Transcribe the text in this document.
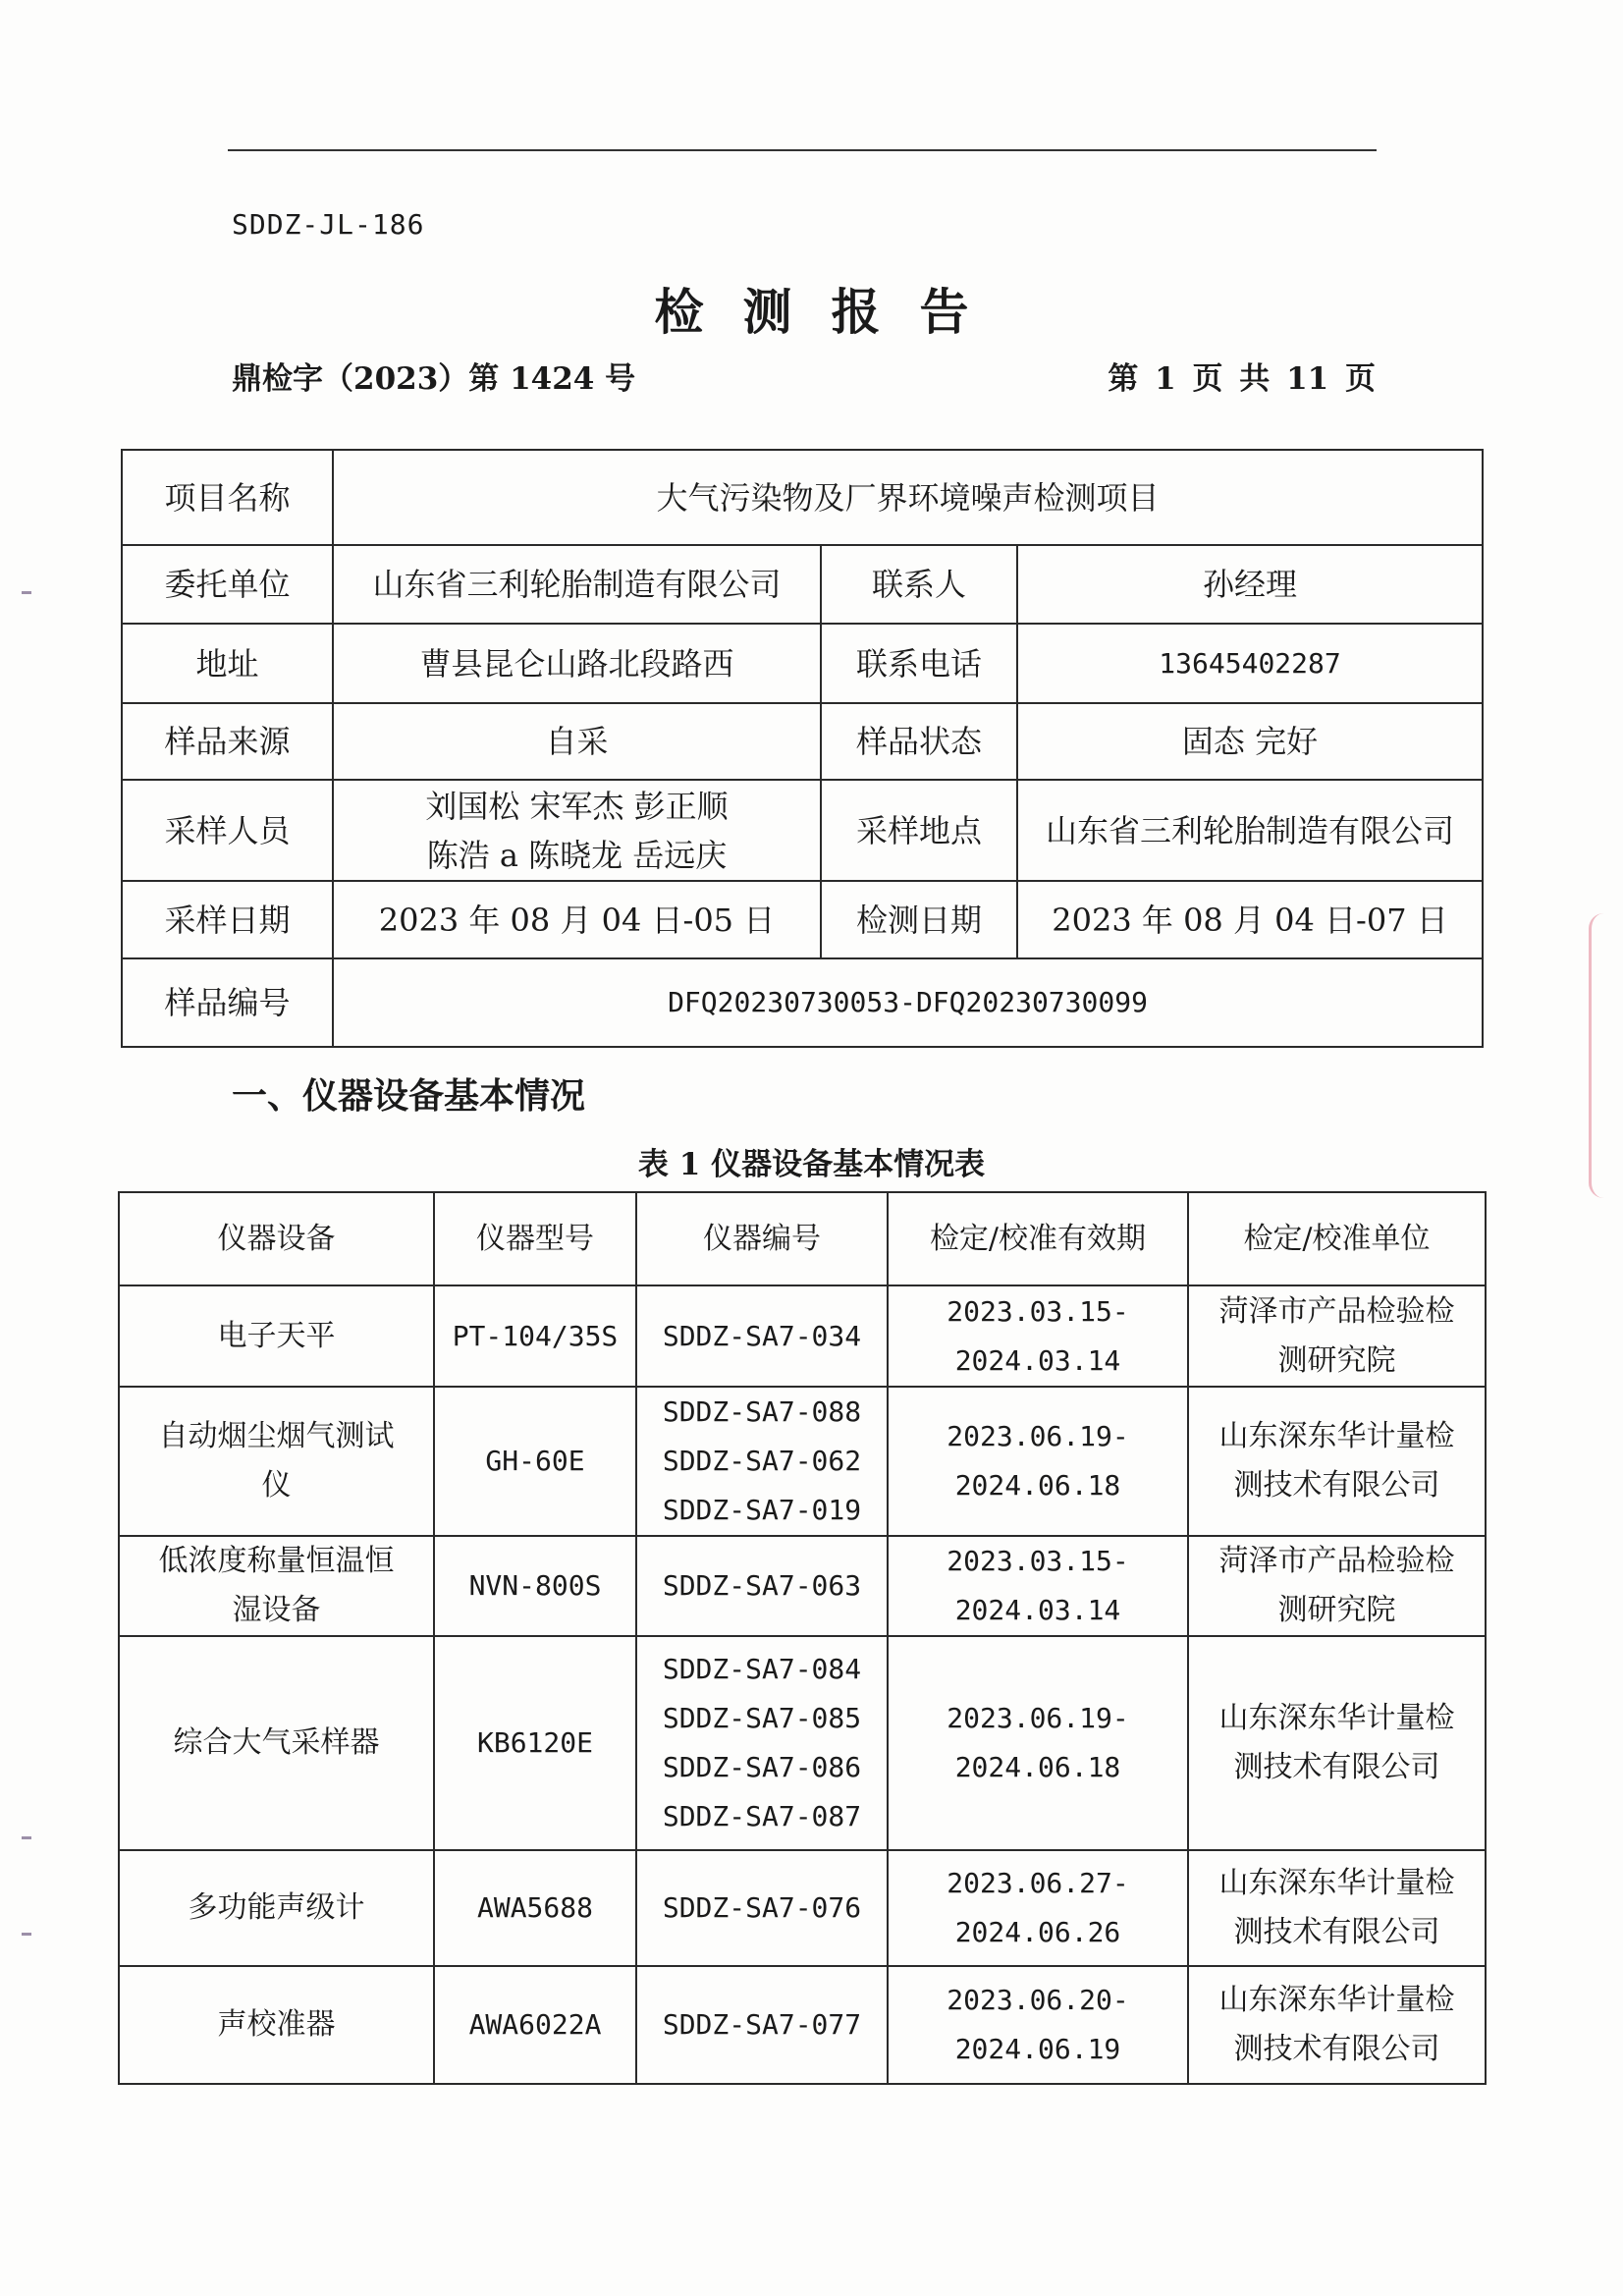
SDDZ-JL-186
检测报告
鼎检字（2023）第 1424 号	第 1 页 共 11 页
项目名称	大气污染物及厂界环境噪声检测项目		
委托单位	山东省三利轮胎制造有限公司	联系人	孙经理
地址	曹县昆仑山路北段路西	联系电话	13645402287
样品来源	自采	样品状态	固态 完好
采样人员	刘国松 宋军杰 彭正顺
陈浩 a 陈晓龙 岳远庆	采样地点	山东省三利轮胎制造有限公司
采样日期	2023 年 08 月 04 日-05 日	检测日期	2023 年 08 月 04 日-07 日
样品编号	DFQ20230730053-DFQ20230730099		
一、仪器设备基本情况
表 1 仪器设备基本情况表
仪器设备	仪器型号	仪器编号	检定/校准有效期	检定/校准单位

电子天平	PT-104/35S	SDDZ-SA7-034	2023.03.15-
2024.03.14	菏泽市产品检验检
测研究院

自动烟尘烟气测试
仪	GH-60E	SDDZ-SA7-088
SDDZ-SA7-062
SDDZ-SA7-019	2023.06.19-
2024.06.18	山东深东华计量检
测技术有限公司

低浓度称量恒温恒
湿设备	NVN-800S	SDDZ-SA7-063	2023.03.15-
2024.03.14	菏泽市产品检验检
测研究院

综合大气采样器	KB6120E	SDDZ-SA7-084
SDDZ-SA7-085
SDDZ-SA7-086
SDDZ-SA7-087	2023.06.19-
2024.06.18	山东深东华计量检
测技术有限公司

多功能声级计	AWA5688	SDDZ-SA7-076	2023.06.27-
2024.06.26	山东深东华计量检
测技术有限公司

声校准器	AWA6022A	SDDZ-SA7-077	2023.06.20-
2024.06.19	山东深东华计量检
测技术有限公司
